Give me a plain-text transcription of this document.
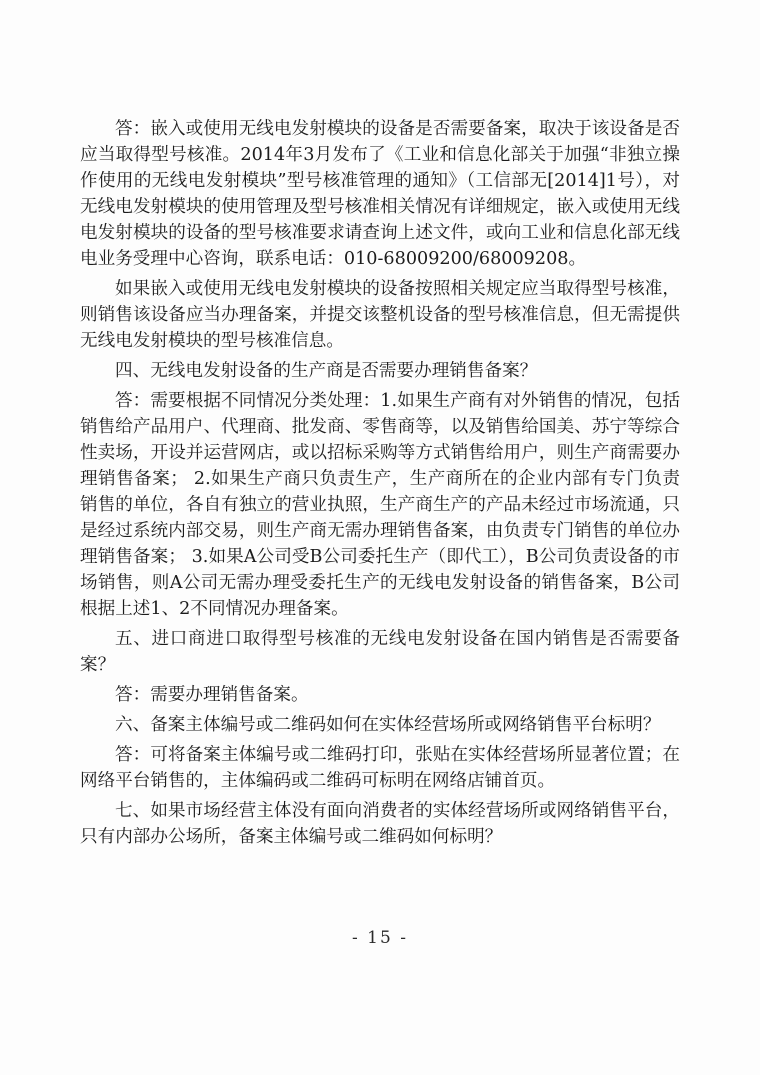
答：嵌入或使用无线电发射模块的设备是否需要备案，取决于该设备是否应当取得型号核准。2014年3月发布了《工业和信息化部关于加强“非独立操作使用的无线电发射模块”型号核准管理的通知》（工信部无[2014]1号），对无线电发射模块的使用管理及型号核准相关情况有详细规定，嵌入或使用无线电发射模块的设备的型号核准要求请查询上述文件，或向工业和信息化部无线电业务受理中心咨询，联系电话：010-68009200/68009208。

如果嵌入或使用无线电发射模块的设备按照相关规定应当取得型号核准，则销售该设备应当办理备案，并提交该整机设备的型号核准信息，但无需提供无线电发射模块的型号核准信息。

四、无线电发射设备的生产商是否需要办理销售备案？

答：需要根据不同情况分类处理：1.如果生产商有对外销售的情况，包括销售给产品用户、代理商、批发商、零售商等，以及销售给国美、苏宁等综合性卖场，开设并运营网店，或以招标采购等方式销售给用户，则生产商需要办理销售备案； 2.如果生产商只负责生产，生产商所在的企业内部有专门负责销售的单位，各自有独立的营业执照，生产商生产的产品未经过市场流通，只是经过系统内部交易，则生产商无需办理销售备案，由负责专门销售的单位办理销售备案； 3.如果A公司受B公司委托生产（即代工），B公司负责设备的市场销售，则A公司无需办理受委托生产的无线电发射设备的销售备案，B公司根据上述1、2不同情况办理备案。

五、进口商进口取得型号核准的无线电发射设备在国内销售是否需要备案？

答：需要办理销售备案。

六、备案主体编号或二维码如何在实体经营场所或网络销售平台标明？

答：可将备案主体编号或二维码打印，张贴在实体经营场所显著位置；在网络平台销售的，主体编码或二维码可标明在网络店铺首页。

七、如果市场经营主体没有面向消费者的实体经营场所或网络销售平台，只有内部办公场所，备案主体编号或二维码如何标明？

- 15 -
